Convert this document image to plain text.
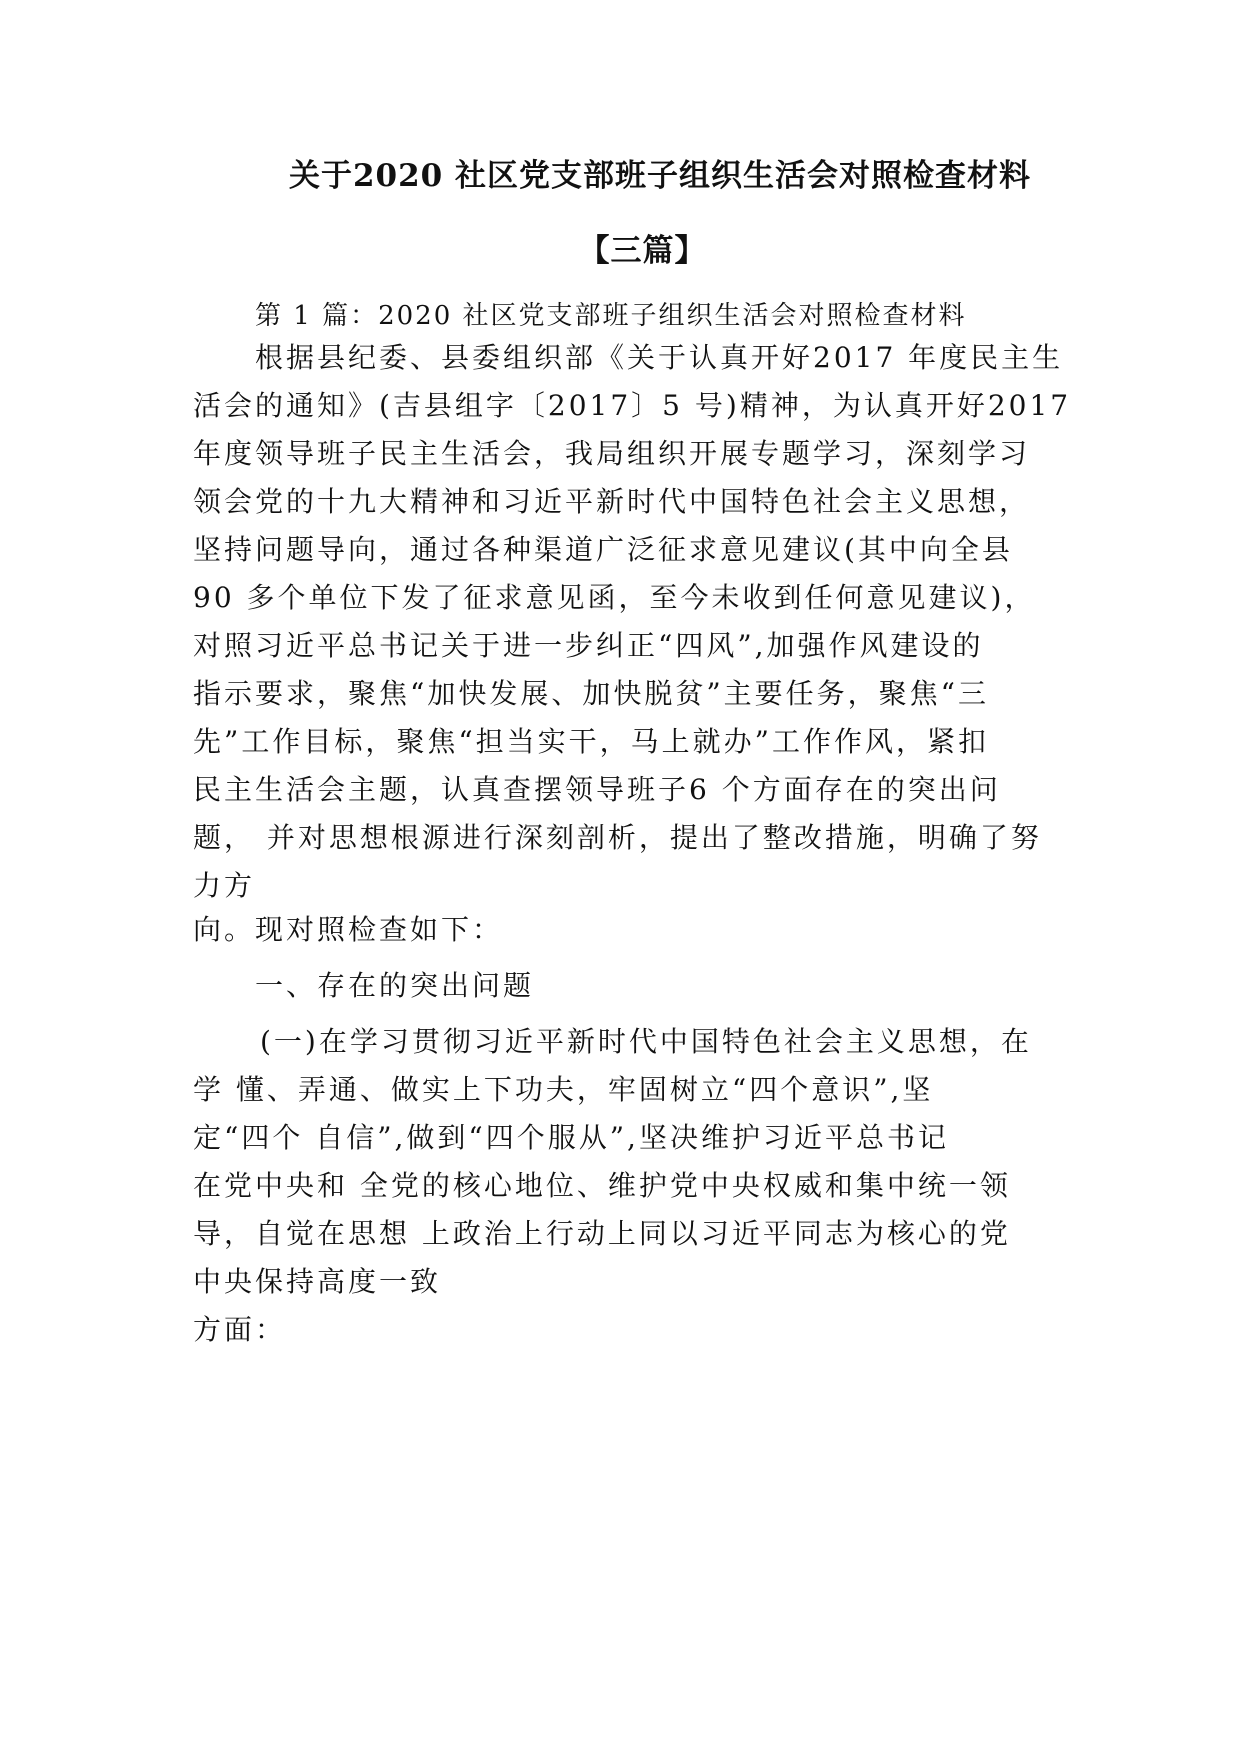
关于2020 社区党支部班子组织生活会对照检查材料
【三篇】
第 1 篇：2020 社区党支部班子组织生活会对照检查材料
根据县纪委、县委组织部《关于认真开好2017 年度民主生
活会的通知》(吉县组字〔2017〕5 号)精神，为认真开好2017
年度领导班子民主生活会，我局组织开展专题学习，深刻学习
领会党的十九大精神和习近平新时代中国特色社会主义思想，
坚持问题导向，通过各种渠道广泛征求意见建议(其中向全县
90 多个单位下发了征求意见函，至今未收到任何意见建议)，
对照习近平总书记关于进一步纠正“四风”,加强作风建设的
指示要求，聚焦“加快发展、加快脱贫”主要任务，聚焦“三
先”工作目标，聚焦“担当实干，马上就办”工作作风，紧扣
民主生活会主题，认真查摆领导班子6 个方面存在的突出问
题， 并对思想根源进行深刻剖析，提出了整改措施，明确了努
力方
向。现对照检查如下：
一、存在的突出问题
(一)在学习贯彻习近平新时代中国特色社会主义思想，在
学 懂、弄通、做实上下功夫，牢固树立“四个意识”,坚
定“四个 自信”,做到“四个服从”,坚决维护习近平总书记
在党中央和 全党的核心地位、维护党中央权威和集中统一领
导，自觉在思想 上政治上行动上同以习近平同志为核心的党
中央保持高度一致
方面：
